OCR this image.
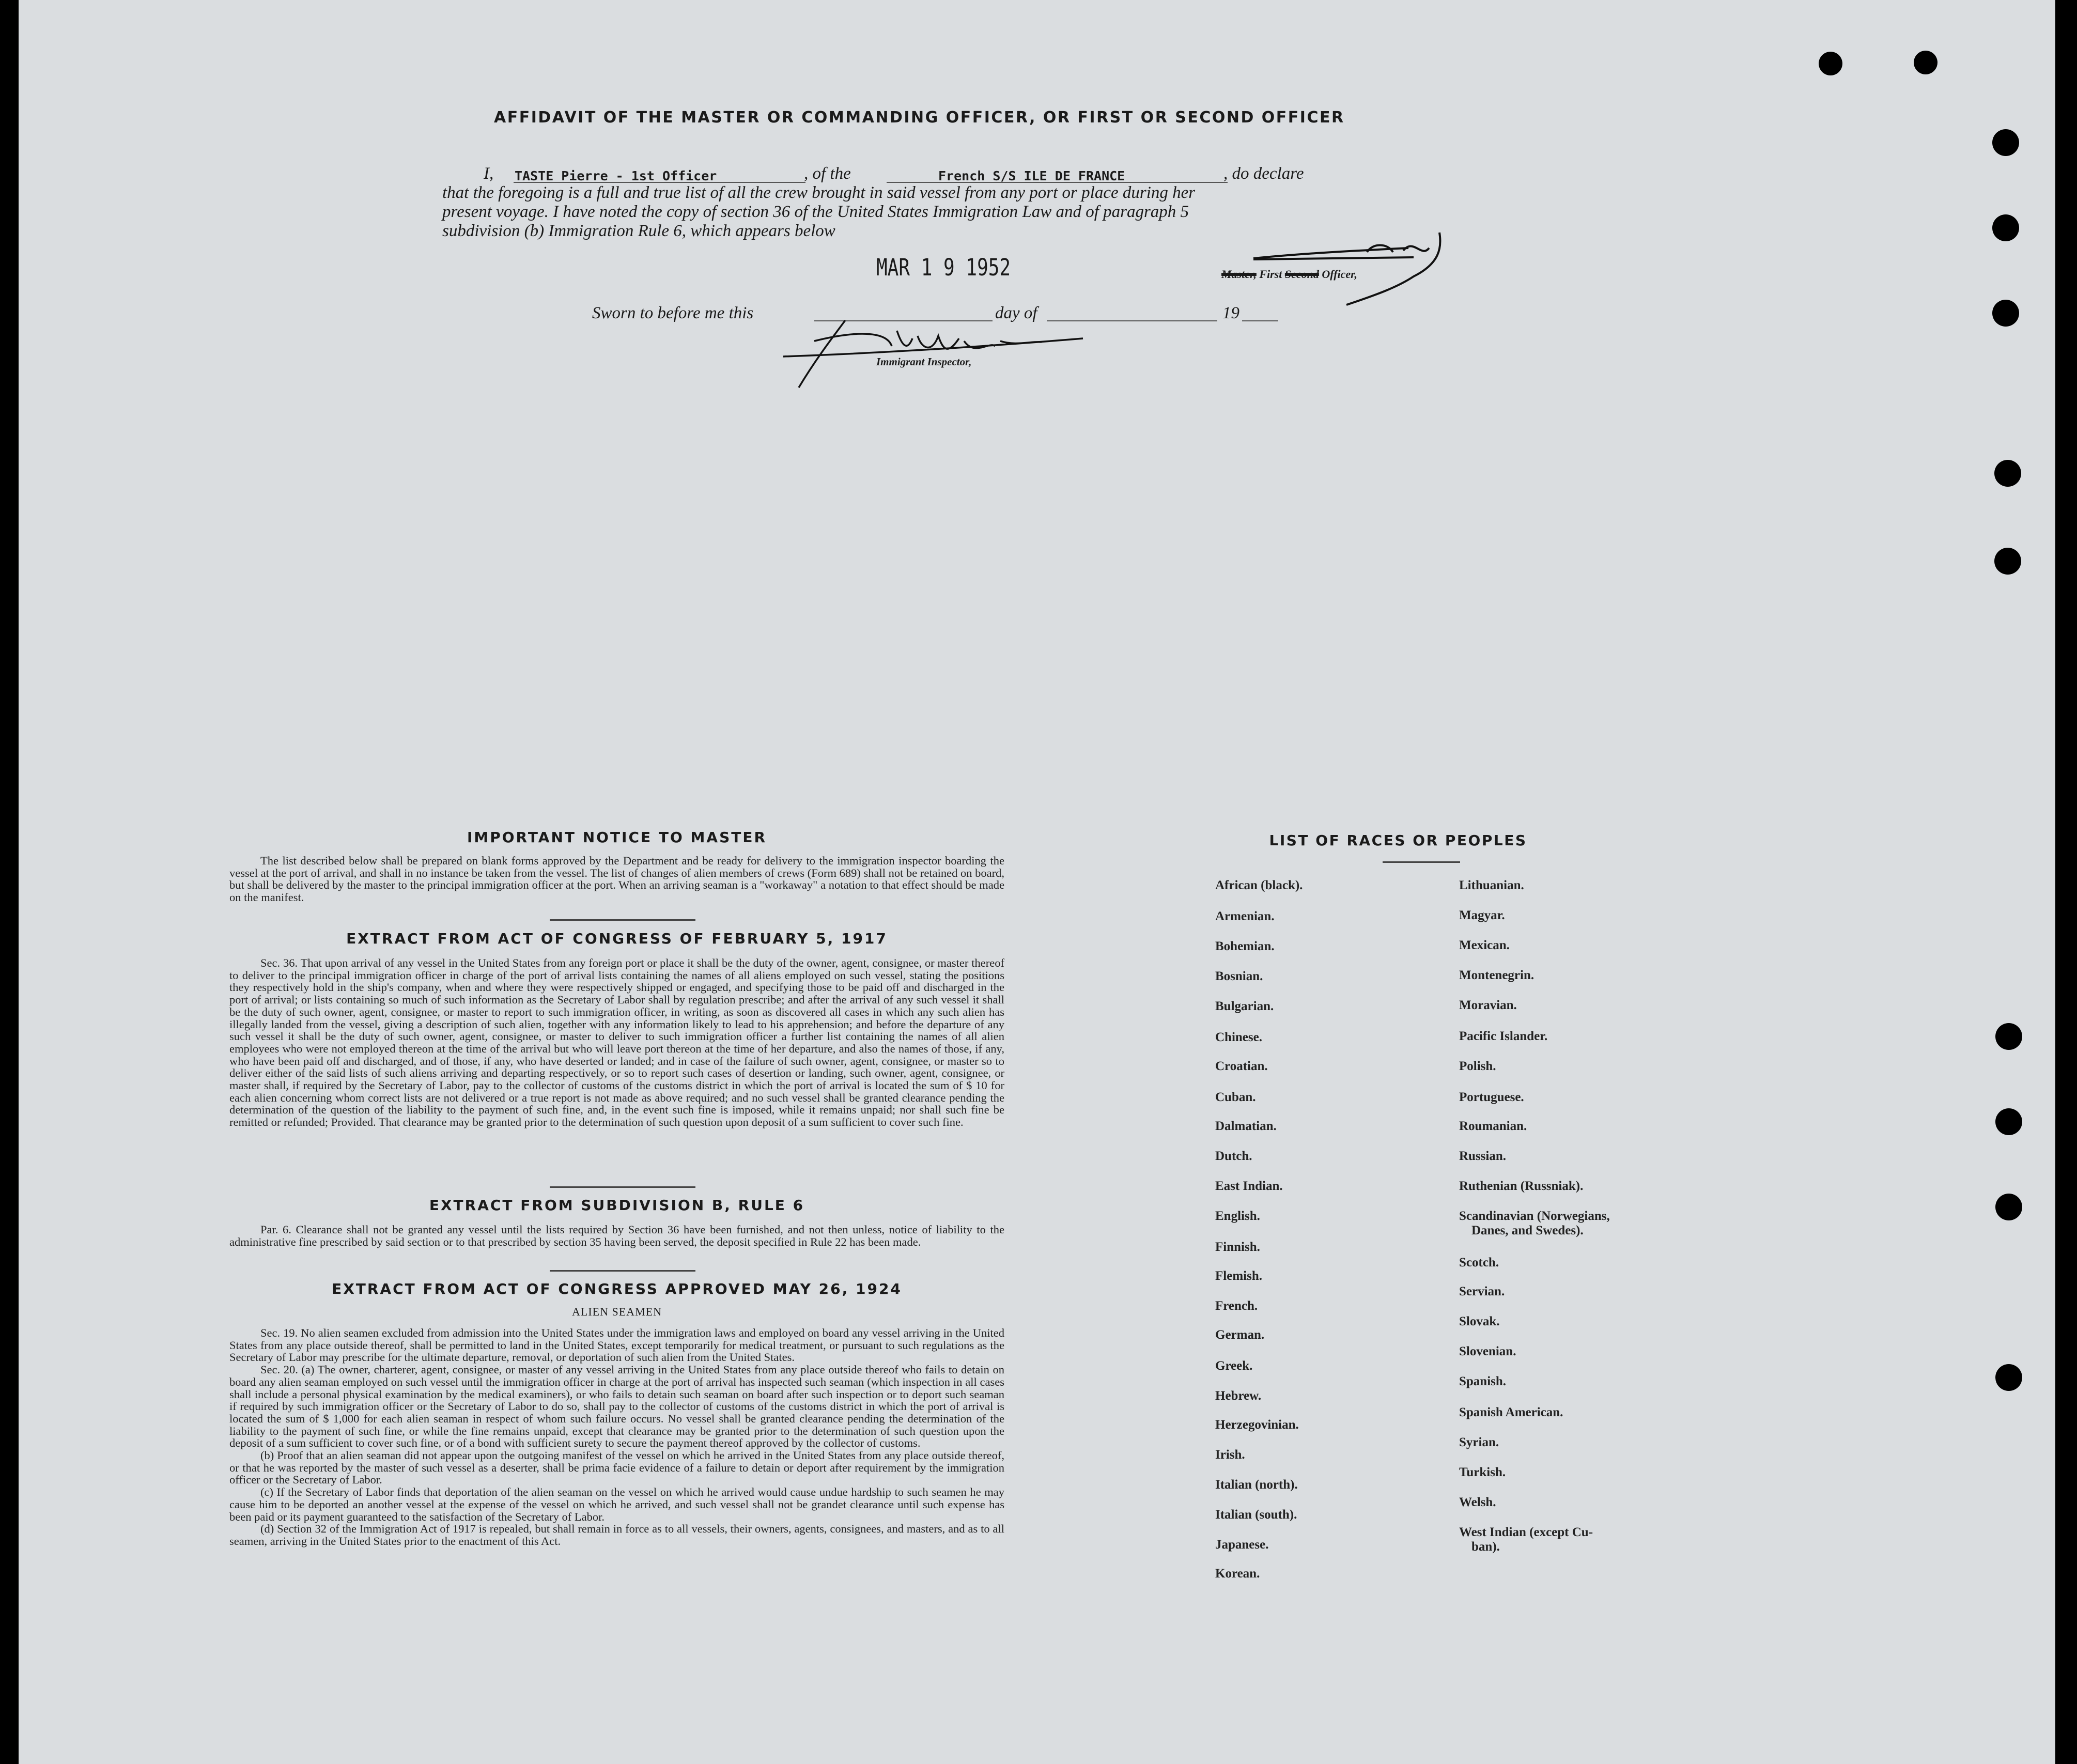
AFFIDAVIT OF THE MASTER OR COMMANDING OFFICER, OR FIRST OR SECOND OFFICER
I, TASTE Pierre - 1st Officer	, of the	French S/S ILE DE FRANCE	, do declare
that the foregoing is a full and true list of all the crew brought in said vessel from any port or place during her
present voyage. I have noted the copy of section 36 of the United States Immigration Law and of paragraph 5
subdivision (b) Immigration Rule 6, which appears below
Master, First Second Officer,
MAR 1 9 1952
Sworn to before me this	day of	19
Immigrant Inspector,
IMPORTANT NOTICE TO MASTER

The list described below shall be prepared on blank forms approved by the Department and be ready for delivery to the immigration inspector boarding the vessel at the port of arrival, and shall in no instance be taken from the vessel. The list of changes of alien members of crews (Form 689) shall not be retained on board, but shall be delivered by the master to the principal immigration officer at the port. When an arriving seaman is a "workaway" a notation to that effect should be made on the manifest.

EXTRACT FROM ACT OF CONGRESS OF FEBRUARY 5, 1917

Sec. 36. That upon arrival of any vessel in the United States from any foreign port or place it shall be the duty of the owner, agent, consignee, or master thereof to deliver to the principal immigration officer in charge of the port of arrival lists containing the names of all aliens employed on such vessel, stating the positions they respectively hold in the ship's company, when and where they were respectively shipped or engaged, and specifying those to be paid off and discharged in the port of arrival; or lists containing so much of such information as the Secretary of Labor shall by regulation prescribe; and after the arrival of any such vessel it shall be the duty of such owner, agent, consignee, or master to report to such immigration officer, in writing, as soon as discovered all cases in which any such alien has illegally landed from the vessel, giving a description of such alien, together with any information likely to lead to his apprehension; and before the departure of any such vessel it shall be the duty of such owner, agent, consignee, or master to deliver to such immigration officer a further list containing the names of all alien employees who were not employed thereon at the time of the arrival but who will leave port thereon at the time of her departure, and also the names of those, if any, who have been paid off and discharged, and of those, if any, who have deserted or landed; and in case of the failure of such owner, agent, consignee, or master so to deliver either of the said lists of such aliens arriving and departing respectively, or so to report such cases of desertion or landing, such owner, agent, consignee, or master shall, if required by the Secretary of Labor, pay to the collector of customs of the customs district in which the port of arrival is located the sum of $ 10 for each alien concerning whom correct lists are not delivered or a true report is not made as above required; and no such vessel shall be granted clearance pending the determination of the question of the liability to the payment of such fine, and, in the event such fine is imposed, while it remains unpaid; nor shall such fine be remitted or refunded; Provided. That clearance may be granted prior to the determination of such question upon deposit of a sum sufficient to cover such fine.

EXTRACT FROM SUBDIVISION B, RULE 6

Par. 6. Clearance shall not be granted any vessel until the lists required by Section 36 have been furnished, and not then unless, notice of liability to the administrative fine prescribed by said section or to that prescribed by section 35 having been served, the deposit specified in Rule 22 has been made.

EXTRACT FROM ACT OF CONGRESS APPROVED MAY 26, 1924
ALIEN SEAMEN

Sec. 19. No alien seamen excluded from admission into the United States under the immigration laws and employed on board any vessel arriving in the United States from any place outside thereof, shall be permitted to land in the United States, except temporarily for medical treatment, or pursuant to such regulations as the Secretary of Labor may prescribe for the ultimate departure, removal, or deportation of such alien from the United States.

Sec. 20. (a) The owner, charterer, agent, consignee, or master of any vessel arriving in the United States from any place outside thereof who fails to detain on board any alien seaman employed on such vessel until the immigration officer in charge at the port of arrival has inspected such seaman (which inspection in all cases shall include a personal physical examination by the medical examiners), or who fails to detain such seaman on board after such inspection or to deport such seaman if required by such immigration officer or the Secretary of Labor to do so, shall pay to the collector of customs of the customs district in which the port of arrival is located the sum of $ 1,000 for each alien seaman in respect of whom such failure occurs. No vessel shall be granted clearance pending the determination of the liability to the payment of such fine, or while the fine remains unpaid, except that clearance may be granted prior to the determination of such question upon the deposit of a sum sufficient to cover such fine, or of a bond with sufficient surety to secure the payment thereof approved by the collector of customs.

(b) Proof that an alien seaman did not appear upon the outgoing manifest of the vessel on which he arrived in the United States from any place outside thereof, or that he was reported by the master of such vessel as a deserter, shall be prima facie evidence of a failure to detain or deport after requirement by the immigration officer or the Secretary of Labor.

(c) If the Secretary of Labor finds that deportation of the alien seaman on the vessel on which he arrived would cause undue hardship to such seamen he may cause him to be deported an another vessel at the expense of the vessel on which he arrived, and such vessel shall not be grandet clearance until such expense has been paid or its payment guaranteed to the satisfaction of the Secretary of Labor.

(d) Section 32 of the Immigration Act of 1917 is repealed, but shall remain in force as to all vessels, their owners, agents, consignees, and masters, and as to all seamen, arriving in the United States prior to the enactment of this Act.

LIST OF RACES OR PEOPLES
African (black).
Armenian.
Bohemian.
Bosnian.
Bulgarian.
Chinese.
Croatian.
Cuban.
Dalmatian.
Dutch.
East Indian.
English.
Finnish.
Flemish.
French.
German.
Greek.
Hebrew.
Herzegovinian.
Irish.
Italian (north).
Italian (south).
Japanese.
Korean.
Lithuanian.
Magyar.
Mexican.
Montenegrin.
Moravian.
Pacific Islander.
Polish.
Portuguese.
Roumanian.
Russian.
Ruthenian (Russniak).
Scandinavian (Norwegians,
Danes, and Swedes).
Scotch.
Servian.
Slovak.
Slovenian.
Spanish.
Spanish American.
Syrian.
Turkish.
Welsh.
West Indian (except Cu-
ban).
